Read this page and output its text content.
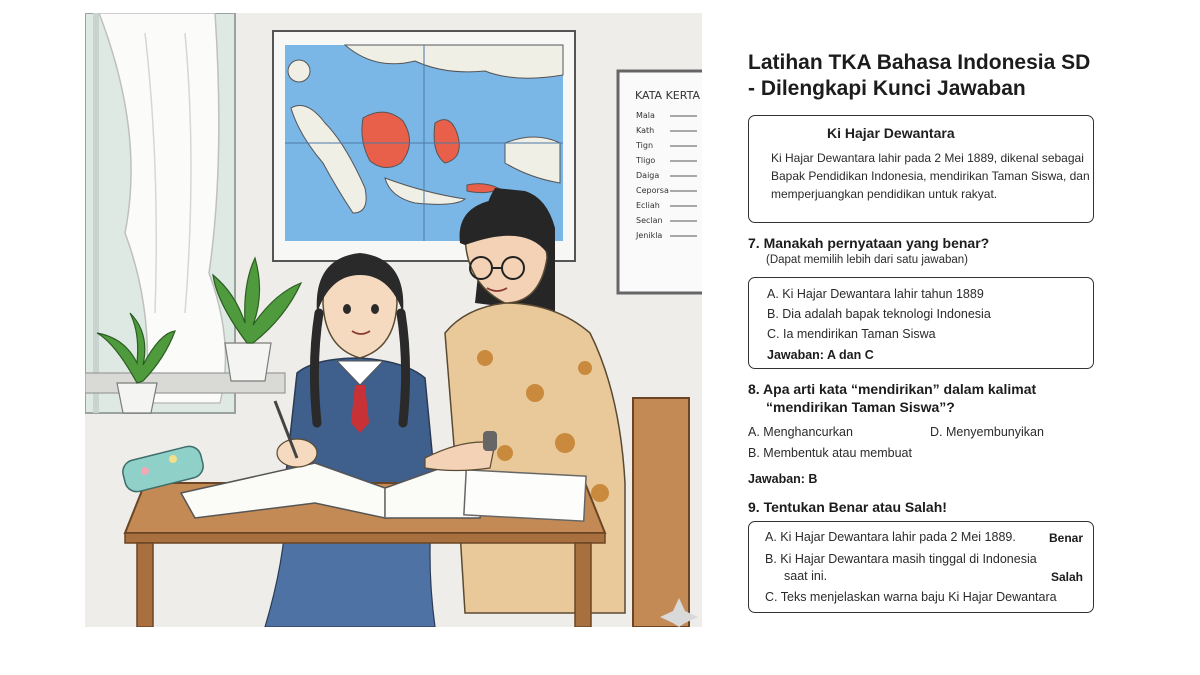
KATA KERTA
Mala
Kath
Tign
Tligo
Daiga
Ceporsa
Ecliah
Seclan
Jenikla
Latihan TKA Bahasa Indonesia SD - Dilengkapi Kunci Jawaban
Ki Hajar Dewantara
Ki Hajar Dewantara lahir pada 2 Mei 1889, dikenal sebagai Bapak Pendidikan Indonesia, mendirikan Taman Siswa, dan memperjuangkan pendidikan untuk rakyat.
7. Manakah pernyataan yang benar?
(Dapat memilih lebih dari satu jawaban)
A. Ki Hajar Dewantara lahir tahun 1889
B. Dia adalah bapak teknologi Indonesia
C. Ia mendirikan Taman Siswa
Jawaban: A dan C
8. Apa arti kata “mendirikan” dalam kalimat
“mendirikan Taman Siswa”?
A. Menghancurkan	D. Menyembunyikan
B. Membentuk atau membuat
Jawaban: B
9. Tentukan Benar atau Salah!
A. Ki Hajar Dewantara lahir pada 2 Mei 1889.	Benar
B. Ki Hajar Dewantara masih tinggal di Indonesia
saat ini.	Salah
C. Teks menjelaskan warna baju Ki Hajar Dewantara
